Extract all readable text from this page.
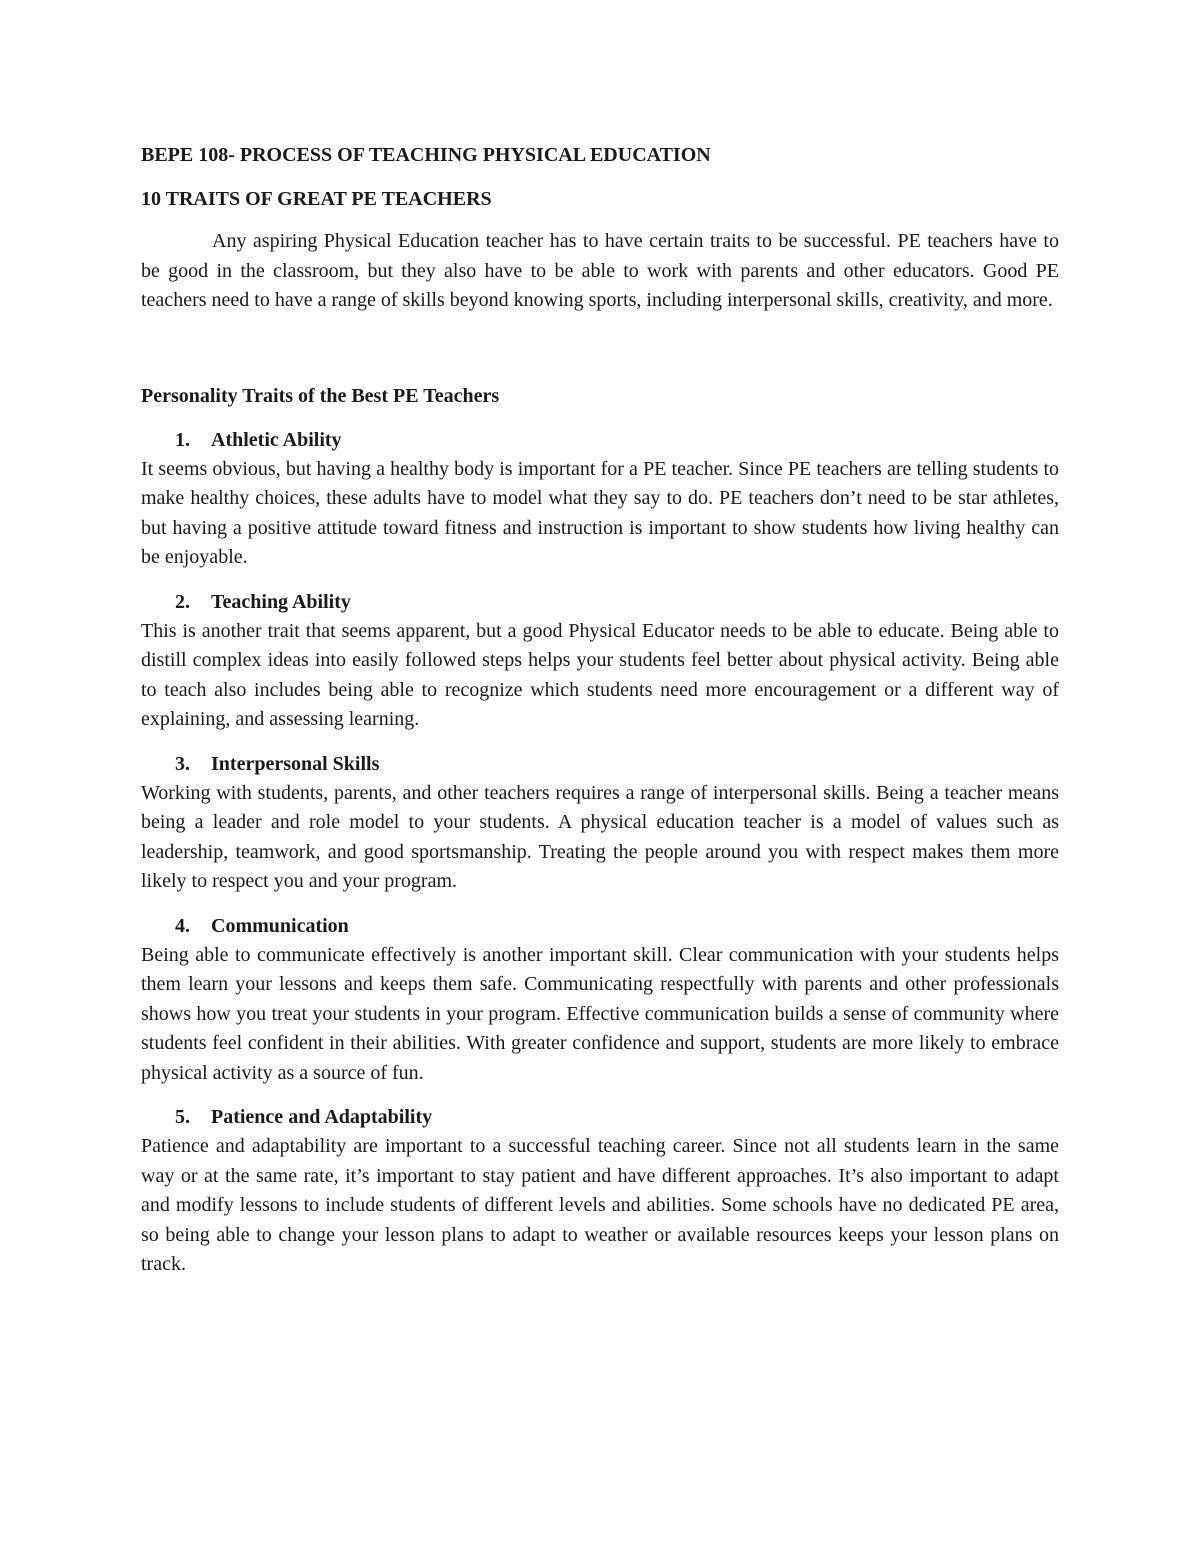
BEPE 108- PROCESS OF TEACHING PHYSICAL EDUCATION
10 TRAITS OF GREAT PE TEACHERS

Any aspiring Physical Education teacher has to have certain traits to be successful. PE teachers have to be good in the classroom, but they also have to be able to work with parents and other educators. Good PE teachers need to have a range of skills beyond knowing sports, including interpersonal skills, creativity, and more.

Personality Traits of the Best PE Teachers
1.	Athletic Ability

It seems obvious, but having a healthy body is important for a PE teacher. Since PE teachers are telling students to make healthy choices, these adults have to model what they say to do. PE teachers don’t need to be star athletes, but having a positive attitude toward fitness and instruction is important to show students how living healthy can be enjoyable.

2.	Teaching Ability

This is another trait that seems apparent, but a good Physical Educator needs to be able to educate. Being able to distill complex ideas into easily followed steps helps your students feel better about physical activity. Being able to teach also includes being able to recognize which students need more encouragement or a different way of explaining, and assessing learning.

3.	Interpersonal Skills

Working with students, parents, and other teachers requires a range of interpersonal skills. Being a teacher means being a leader and role model to your students. A physical education teacher is a model of values such as leadership, teamwork, and good sportsmanship. Treating the people around you with respect makes them more likely to respect you and your program.

4.	Communication

Being able to communicate effectively is another important skill. Clear communication with your students helps them learn your lessons and keeps them safe. Communicating respectfully with parents and other professionals shows how you treat your students in your program. Effective communication builds a sense of community where students feel confident in their abilities. With greater confidence and support, students are more likely to embrace physical activity as a source of fun.

5.	Patience and Adaptability

Patience and adaptability are important to a successful teaching career. Since not all students learn in the same way or at the same rate, it’s important to stay patient and have different approaches. It’s also important to adapt and modify lessons to include students of different levels and abilities. Some schools have no dedicated PE area, so being able to change your lesson plans to adapt to weather or available resources keeps your lesson plans on track.
